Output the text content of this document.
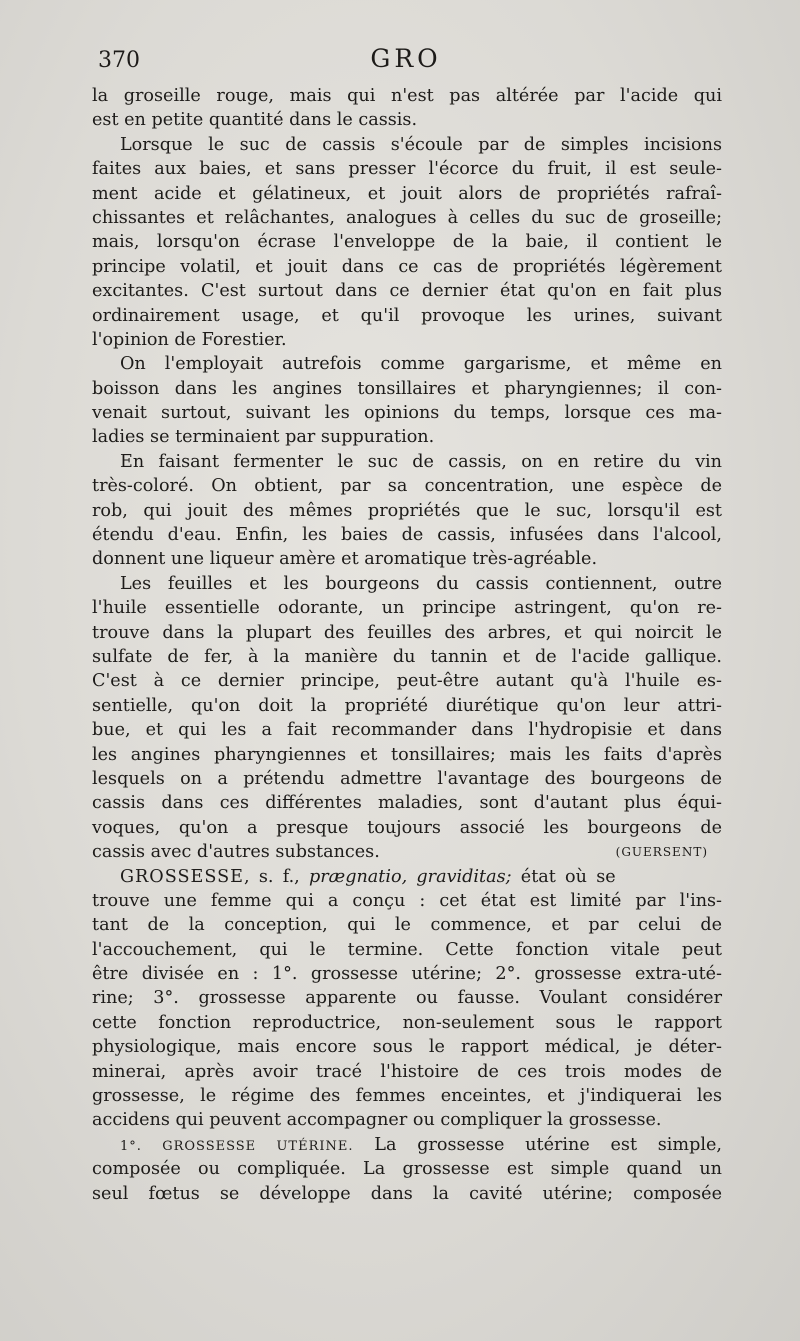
370	GRO
la groseille rouge, mais qui n'est pas altérée par l'acide qui
est en petite quantité dans le cassis.
Lorsque le suc de cassis s'écoule par de simples incisions
faites aux baies, et sans presser l'écorce du fruit, il est seule-
ment acide et gélatineux, et jouit alors de propriétés rafraî-
chissantes et relâchantes, analogues à celles du suc de groseille;
mais, lorsqu'on écrase l'enveloppe de la baie, il contient le
principe volatil, et jouit dans ce cas de propriétés légèrement
excitantes. C'est surtout dans ce dernier état qu'on en fait plus
ordinairement usage, et qu'il provoque les urines, suivant
l'opinion de Forestier.
On l'employait autrefois comme gargarisme, et même en
boisson dans les angines tonsillaires et pharyngiennes; il con-
venait surtout, suivant les opinions du temps, lorsque ces ma-
ladies se terminaient par suppuration.
En faisant fermenter le suc de cassis, on en retire du vin
très-coloré. On obtient, par sa concentration, une espèce de
rob, qui jouit des mêmes propriétés que le suc, lorsqu'il est
étendu d'eau. Enfin, les baies de cassis, infusées dans l'alcool,
donnent une liqueur amère et aromatique très-agréable.
Les feuilles et les bourgeons du cassis contiennent, outre
l'huile essentielle odorante, un principe astringent, qu'on re-
trouve dans la plupart des feuilles des arbres, et qui noircit le
sulfate de fer, à la manière du tannin et de l'acide gallique.
C'est à ce dernier principe, peut-être autant qu'à l'huile es-
sentielle, qu'on doit la propriété diurétique qu'on leur attri-
bue, et qui les a fait recommander dans l'hydropisie et dans
les angines pharyngiennes et tonsillaires; mais les faits d'après
lesquels on a prétendu admettre l'avantage des bourgeons de
cassis dans ces différentes maladies, sont d'autant plus équi-
voques, qu'on a presque toujours associé les bourgeons de
cassis avec d'autres substances.	(GUERSENT)
GROSSESSE, s. f., prægnatio, graviditas; état où se
trouve une femme qui a conçu : cet état est limité par l'ins-
tant de la conception, qui le commence, et par celui de
l'accouchement, qui le termine. Cette fonction vitale peut
être divisée en : 1°. grossesse utérine; 2°. grossesse extra-uté-
rine; 3°. grossesse apparente ou fausse. Voulant considérer
cette fonction reproductrice, non-seulement sous le rapport
physiologique, mais encore sous le rapport médical, je déter-
minerai, après avoir tracé l'histoire de ces trois modes de
grossesse, le régime des femmes enceintes, et j'indiquerai les
accidens qui peuvent accompagner ou compliquer la grossesse.
1°. GROSSESSE UTÉRINE. La grossesse utérine est simple,
composée ou compliquée. La grossesse est simple quand un
seul fœtus se développe dans la cavité utérine; composée
